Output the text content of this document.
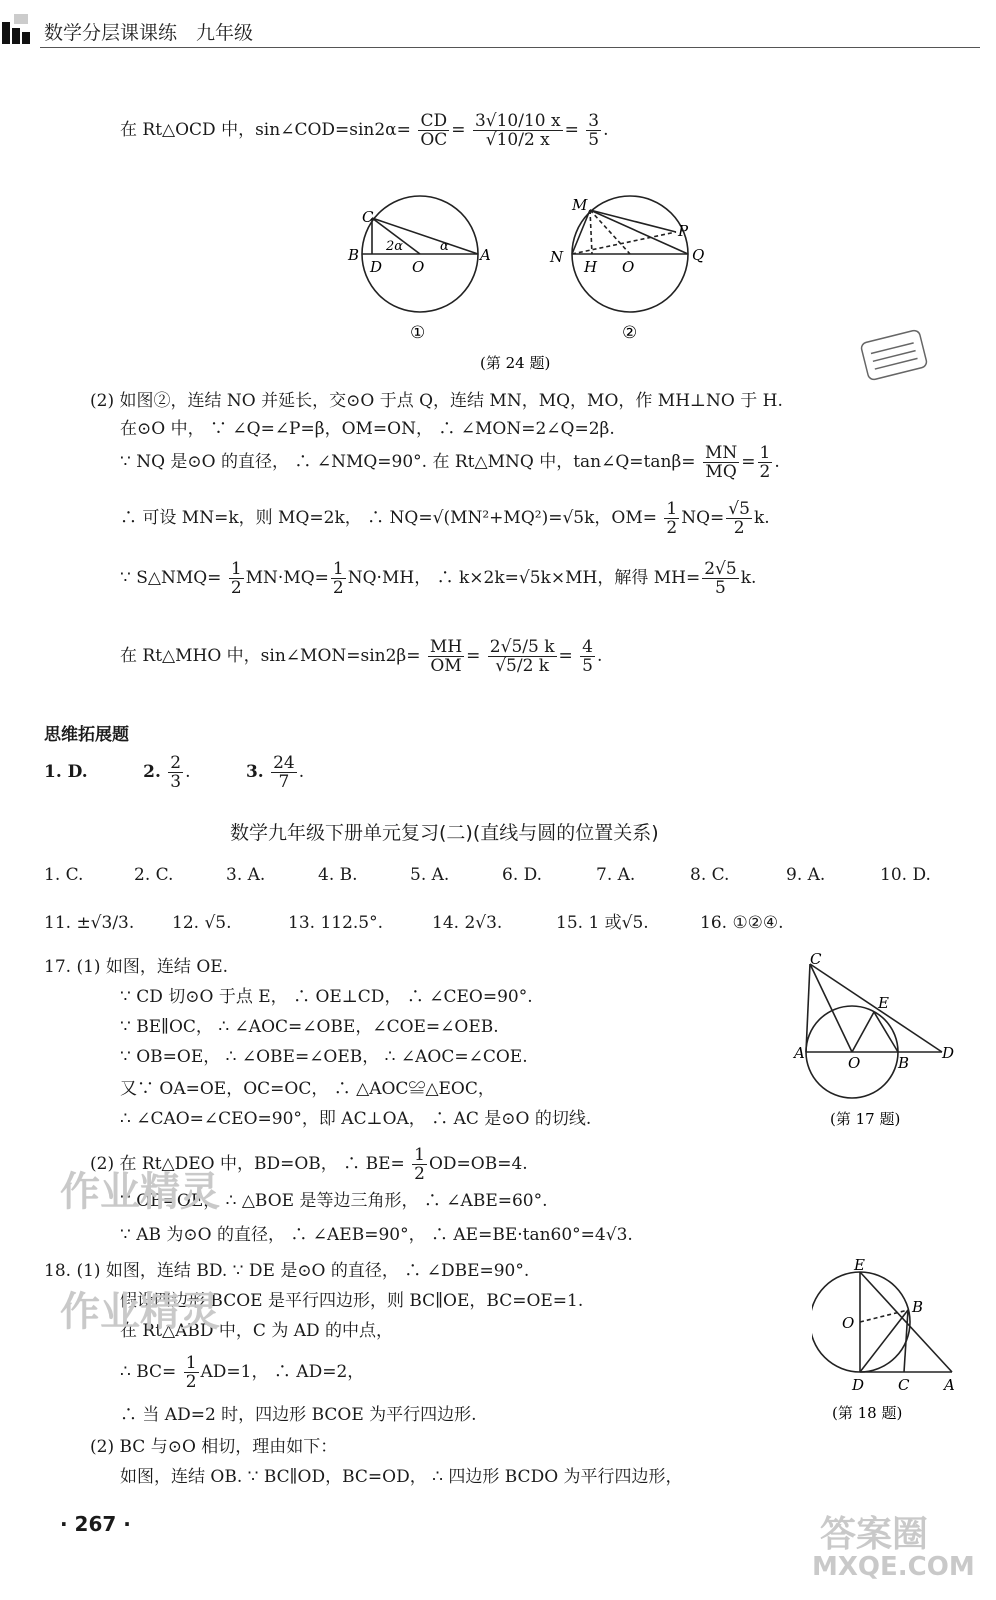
数学分层课课练　九年级
在 Rt△OCD 中，sin∠COD=sin2α= $\frac{CD}{OC} = \frac{3√10/10 x}{√10/2 x} = \frac{3}{5}$ .
C
B
D
2α
O
α A
①
M
P
N
H O
Q
②
(第 24 题)
(2) 如图②，连结 NO 并延长，交⊙O 于点 Q，连结 MN，MQ，MO，作 MH⊥NO 于 H.
在⊙O 中， ∵ ∠Q=∠P=β，OM=ON， ∴ ∠MON=2∠Q=2β.
∵ NQ 是⊙O 的直径， ∴ ∠NMQ=90°. 在 Rt△MNQ 中，tan∠Q=tanβ= $\frac{MN}{MQ} = \frac{1}{2}$ .
∴ 可设 MN=k，则 MQ=2k， ∴ NQ=√(MN²+MQ²)=√5k，$OM= \frac{1}{2} NQ= \frac{√5}{2} k$.
∵ S△NMQ= $\frac{1}{2} MN\cdot MQ= \frac{1}{2} NQ\cdot MH$， ∴ k×2k=√5k×MH，解得 $MH= \frac{2√5}{5} k$.
在 Rt△MHO 中，sin∠MON=sin2β= $\frac{MH}{OM} = \frac{2√5/5 k}{√5/2 k} = \frac{4}{5}$ .
思维拓展题
1. D.	2. $\frac{2}{3}$ .	3. $\frac{24}{7}$ .
数学九年级下册单元复习(二)(直线与圆的位置关系)
1. C.	2. C.	3. A.	4. B.	5. A.	6. D.	7. A.	8. C.	9. A.	10. D.
11. ±√3/3. 12. √5.	13. 112.5°.	14. 2√3.	15. 1 或√5.	16. ①②④.
17. (1) 如图，连结 OE.
∵ CD 切⊙O 于点 E， ∴ OE⊥CD， ∴ ∠CEO=90°.
∵ BE∥OC， ∴ ∠AOC=∠OBE，∠COE=∠OEB.
∵ OB=OE， ∴ ∠OBE=∠OEB， ∴ ∠AOC=∠COE.
又∵ OA=OE，OC=OC， ∴ △AOC≌△EOC，
∴ ∠CAO=∠CEO=90°，即 AC⊥OA， ∴ AC 是⊙O 的切线.
(2) 在 Rt△DEO 中，BD=OB， ∴ $BE= \frac{1}{2} OD=OB=4$.
∵ OB=OE， ∴ △BOE 是等边三角形， ∴ ∠ABE=60°.
∵ AB 为⊙O 的直径， ∴ ∠AEB=90°， ∴ AE=BE·tan60°=4√3.
C
E
A
O	B
D
(第 17 题)
18. (1) 如图，连结 BD. ∵ DE 是⊙O 的直径， ∴ ∠DBE=90°.
假设四边形 BCOE 是平行四边形，则 BC∥OE，BC=OE=1.
在 Rt△ABD 中，C 为 AD 的中点，
∴ $BC= \frac{1}{2} AD=1$， ∴ AD=2，
∴ 当 AD=2 时，四边形 BCOE 为平行四边形.
(2) BC 与⊙O 相切，理由如下：
如图，连结 OB. ∵ BC∥OD，BC=OD， ∴ 四边形 BCDO 为平行四边形，
E
O
B
D C A
(第 18 题)
作业精灵
作业精灵
答案圈
MXQE.COM
· 267 ·
